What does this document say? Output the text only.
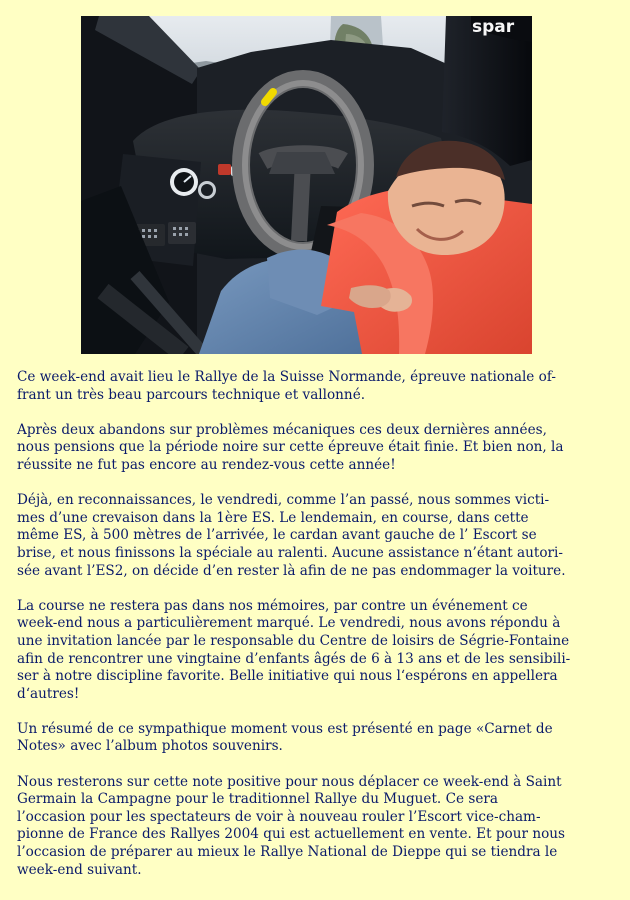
spar
Ce week-end avait lieu le Rallye de la Suisse Normande, épreuve nationale of-
frant un très beau parcours technique et vallonné.
Après deux abandons sur problèmes mécaniques ces deux dernières années,
nous pensions que la période noire sur cette épreuve était finie. Et bien non, la
réussite ne fut pas encore au rendez-vous cette année!
Déjà, en reconnaissances, le vendredi, comme l’an passé, nous sommes victi-
mes d’une crevaison dans la 1ère ES. Le lendemain, en course, dans cette
même ES, à 500 mètres de l’arrivée, le cardan avant gauche de l’ Escort se
brise, et nous finissons la spéciale au ralenti. Aucune assistance n’étant autori-
sée avant l’ES2, on décide d’en rester là afin de ne pas endommager la voiture.
La course ne restera pas dans nos mémoires, par contre un événement ce
week-end nous a particulièrement marqué. Le vendredi, nous avons répondu à
une invitation lancée par le responsable du Centre de loisirs de Ségrie-Fontaine
afin de rencontrer une vingtaine d’enfants âgés de 6 à 13 ans et de les sensibili-
ser à notre discipline favorite. Belle initiative qui nous l‘espérons en appellera
d‘autres!
Un résumé de ce sympathique moment vous est présenté en page «Carnet de
Notes» avec l’album photos souvenirs.
Nous resterons sur cette note positive pour nous déplacer ce week-end à Saint
Germain la Campagne pour le traditionnel Rallye du Muguet. Ce sera
l’occasion pour les spectateurs de voir à nouveau rouler l’Escort vice-cham-
pionne de France des Rallyes 2004 qui est actuellement en vente. Et pour nous
l’occasion de préparer au mieux le Rallye National de Dieppe qui se tiendra le
week-end suivant.
